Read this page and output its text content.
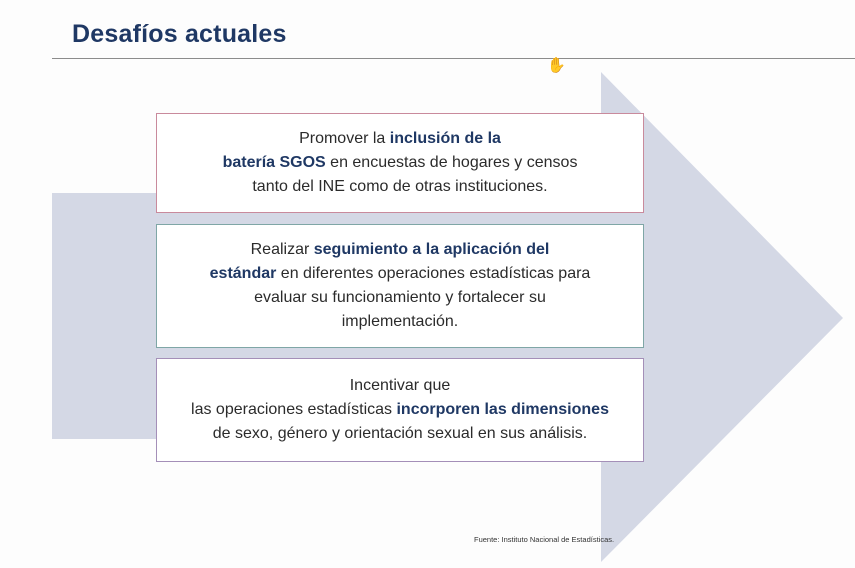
Desafíos actuales
✋

Promover la inclusión de la
batería SGOS en encuestas de hogares y censos
tanto del INE como de otras instituciones.

Realizar seguimiento a la aplicación del
estándar en diferentes operaciones estadísticas para
evaluar su funcionamiento y fortalecer su
implementación.

Incentivar que
las operaciones estadísticas incorporen las dimensiones
de sexo, género y orientación sexual en sus análisis.

Fuente: Instituto Nacional de Estadísticas.
